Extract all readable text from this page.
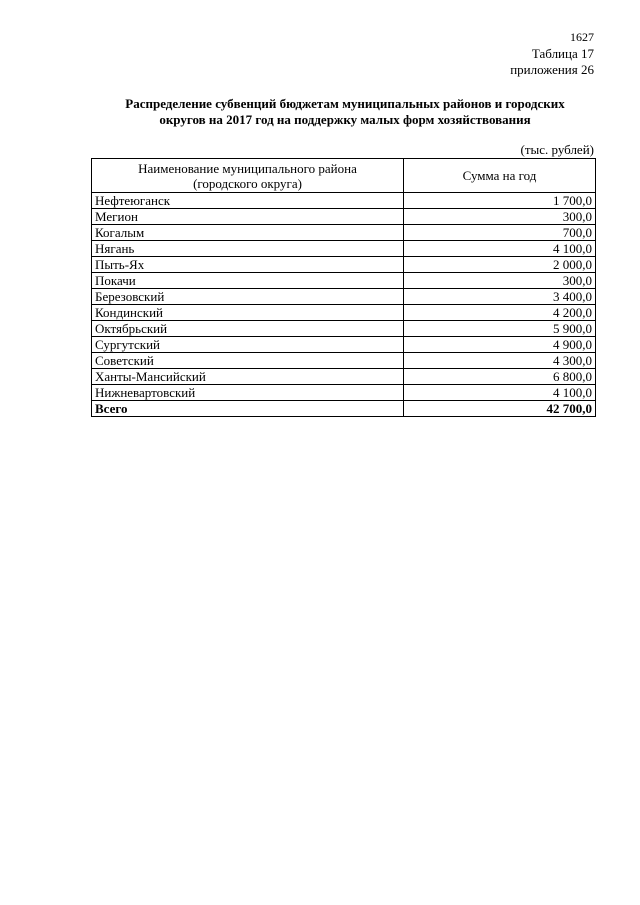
1627
Таблица 17
приложения 26
Распределение субвенций бюджетам муниципальных районов и городских
округов на 2017 год на поддержку малых форм хозяйствования
(тыс. рублей)
Наименование муниципального района
(городского округа)	Сумма на год
Нефтеюганск	1 700,0
Мегион	300,0
Когалым	700,0
Нягань	4 100,0
Пыть-Ях	2 000,0
Покачи	300,0
Березовский	3 400,0
Кондинский	4 200,0
Октябрьский	5 900,0
Сургутский	4 900,0
Советский	4 300,0
Ханты-Мансийский	6 800,0
Нижневартовский	4 100,0
Всего	42 700,0
